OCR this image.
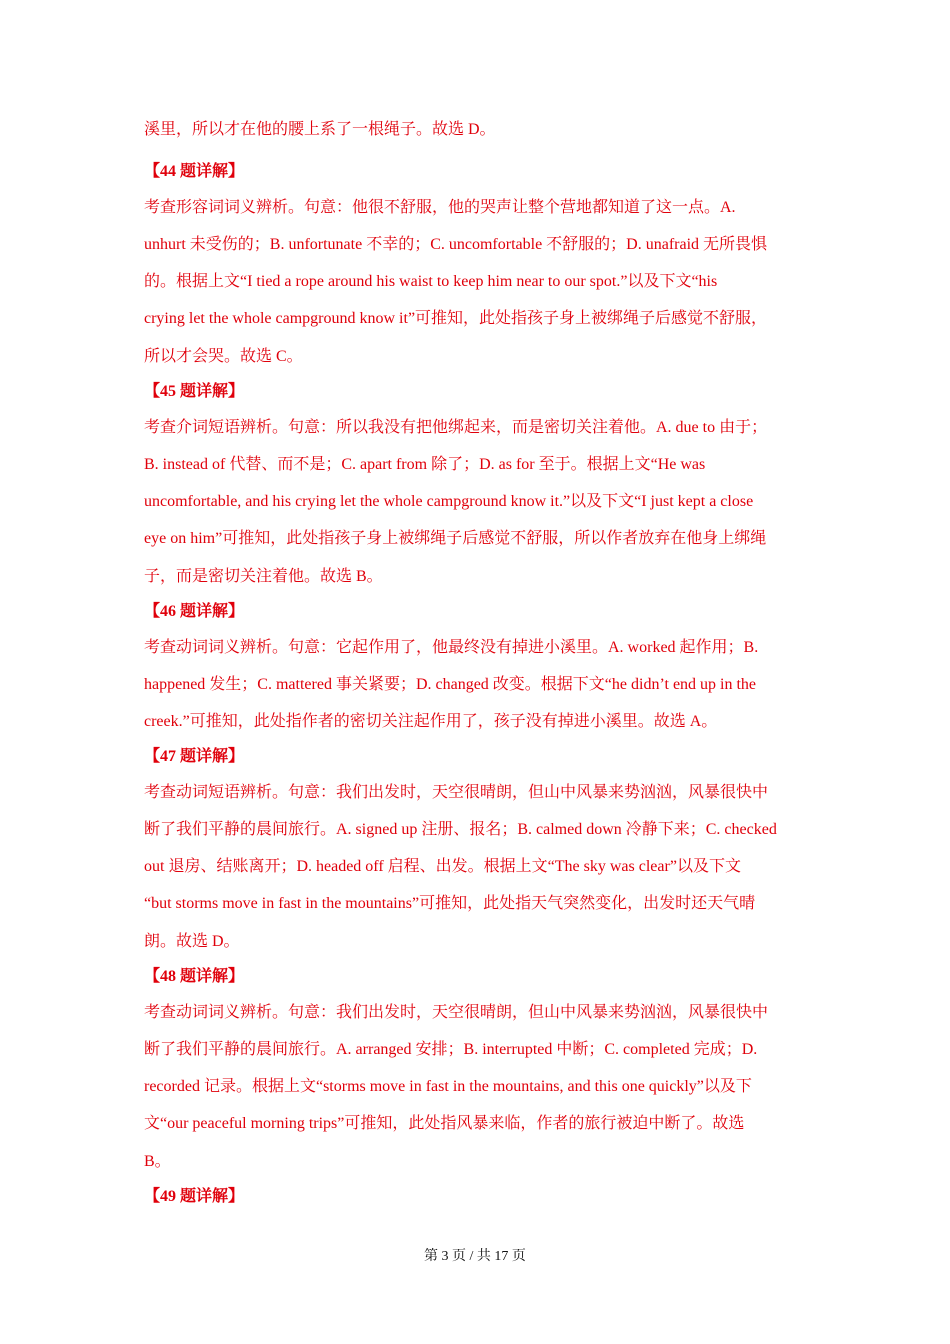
溪里，所以才在他的腰上系了一根绳子。故选 D。
【44 题详解】
考查形容词词义辨析。句意：他很不舒服，他的哭声让整个营地都知道了这一点。A.
unhurt 未受伤的；B. unfortunate 不幸的；C. uncomfortable 不舒服的；D. unafraid 无所畏惧
的。根据上文“I tied a rope around his waist to keep him near to our spot.”以及下文“his
crying let the whole campground know it”可推知，此处指孩子身上被绑绳子后感觉不舒服，
所以才会哭。故选 C。
【45 题详解】
考查介词短语辨析。句意：所以我没有把他绑起来，而是密切关注着他。A. due to 由于；
B. instead of 代替、而不是；C. apart from 除了；D. as for 至于。根据上文“He was
uncomfortable, and his crying let the whole campground know it.”以及下文“I just kept a close
eye on him”可推知，此处指孩子身上被绑绳子后感觉不舒服，所以作者放弃在他身上绑绳
子，而是密切关注着他。故选 B。
【46 题详解】
考查动词词义辨析。句意：它起作用了，他最终没有掉进小溪里。A. worked 起作用；B.
happened 发生；C. mattered 事关紧要；D. changed 改变。根据下文“he didn’t end up in the
creek.”可推知，此处指作者的密切关注起作用了，孩子没有掉进小溪里。故选 A。
【47 题详解】
考查动词短语辨析。句意：我们出发时，天空很晴朗，但山中风暴来势汹汹，风暴很快中
断了我们平静的晨间旅行。A. signed up 注册、报名；B. calmed down 冷静下来；C. checked
out 退房、结账离开；D. headed off 启程、出发。根据上文“The sky was clear”以及下文
“but storms move in fast in the mountains”可推知，此处指天气突然变化，出发时还天气晴
朗。故选 D。
【48 题详解】
考查动词词义辨析。句意：我们出发时，天空很晴朗，但山中风暴来势汹汹，风暴很快中
断了我们平静的晨间旅行。A. arranged 安排；B. interrupted 中断；C. completed 完成；D.
recorded 记录。根据上文“storms move in fast in the mountains, and this one quickly”以及下
文“our peaceful morning trips”可推知，此处指风暴来临，作者的旅行被迫中断了。故选
B。
【49 题详解】
第 3 页 / 共 17 页
